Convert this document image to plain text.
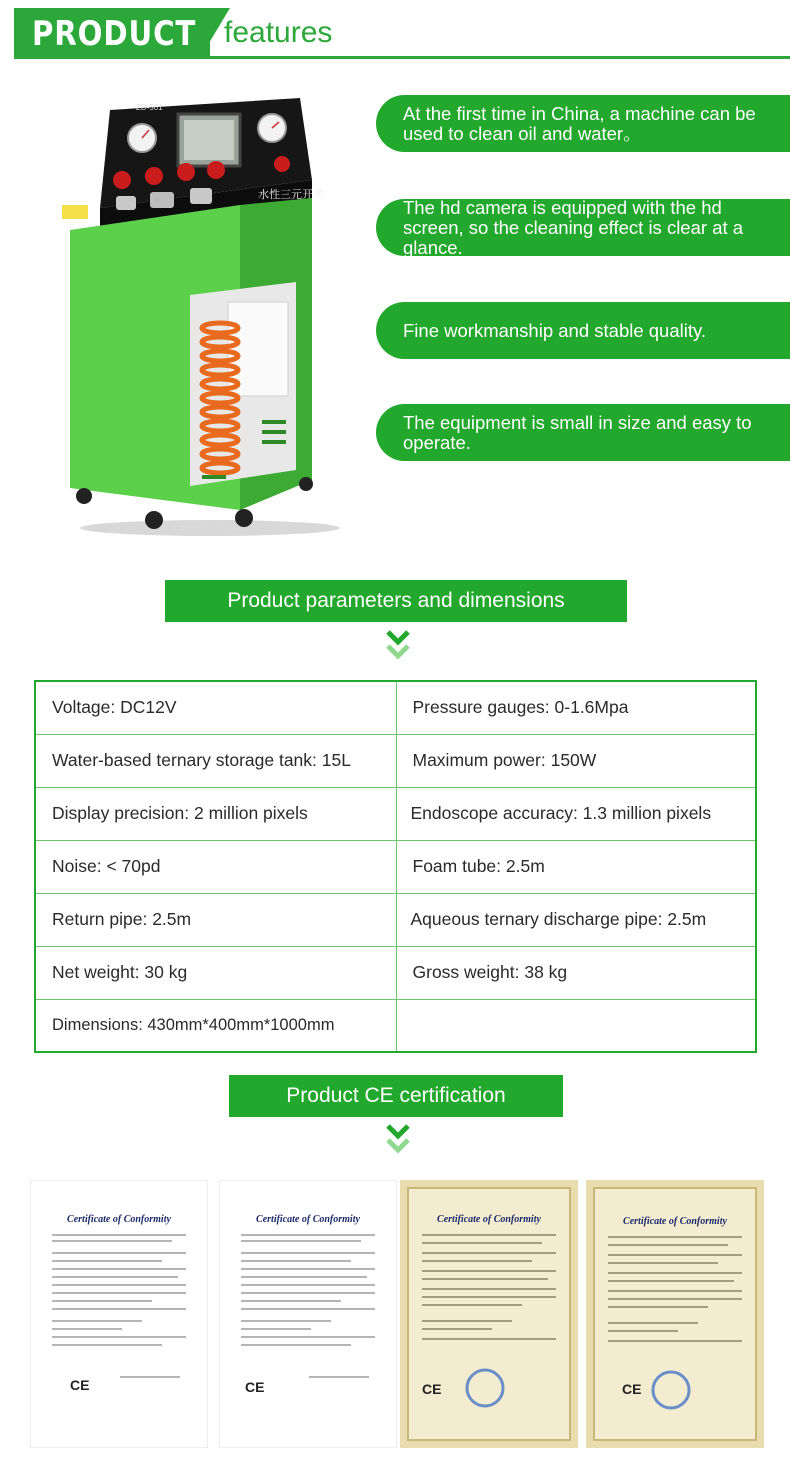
PRODUCT features
ZD-501
水性三元开关
At the first time in China, a machine can be used to clean oil and water。
The hd camera is equipped with the hd screen, so the cleaning effect is clear at a glance.
Fine workmanship and stable quality.
The equipment is small in size and easy to operate.
Product parameters and dimensions
Voltage: DC12V	Pressure gauges: 0-1.6Mpa
Water-based ternary storage tank: 15L	Maximum power: 150W
Display precision: 2 million pixels	Endoscope accuracy: 1.3 million pixels
Noise: < 70pd	Foam tube: 2.5m
Return pipe: 2.5m	Aqueous ternary discharge pipe: 2.5m
Net weight: 30 kg	Gross weight: 38 kg
Dimensions: 430mm*400mm*1000mm	
Product CE certification
Certificate of Conformity
CE
Certificate of Conformity
CE
Certificate of Conformity
CE
Certificate of Conformity
CE
